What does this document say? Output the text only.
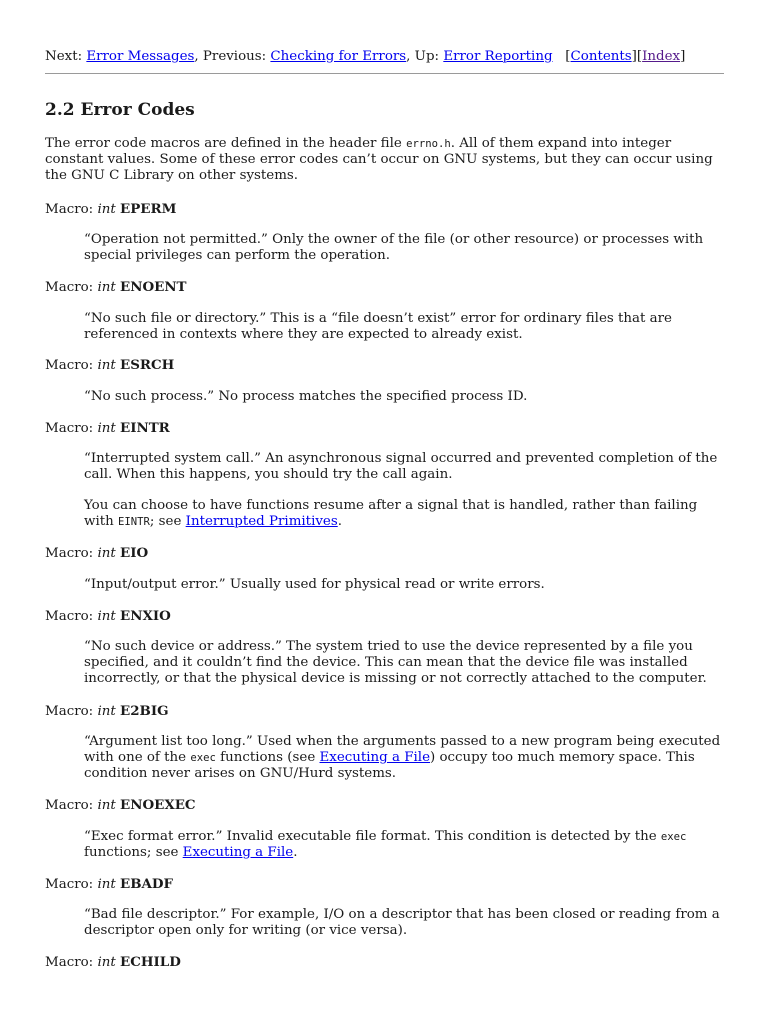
Next: Error Messages, Previous: Checking for Errors, Up: Error Reporting [Contents][Index]
2.2 Error Codes

The error code macros are defined in the header file errno.h. All of them expand into integer constant values. Some of these error codes can’t occur on GNU systems, but they can occur using the GNU C Library on other systems.

Macro: int EPERM

“Operation not permitted.” Only the owner of the file (or other resource) or processes with special privileges can perform the operation.

Macro: int ENOENT

“No such file or directory.” This is a “file doesn’t exist” error for ordinary files that are referenced in contexts where they are expected to already exist.

Macro: int ESRCH

“No such process.” No process matches the specified process ID.

Macro: int EINTR

“Interrupted system call.” An asynchronous signal occurred and prevented completion of the call. When this happens, you should try the call again.

You can choose to have functions resume after a signal that is handled, rather than failing with EINTR; see Interrupted Primitives.

Macro: int EIO

“Input/output error.” Usually used for physical read or write errors.

Macro: int ENXIO

“No such device or address.” The system tried to use the device represented by a file you specified, and it couldn’t find the device. This can mean that the device file was installed incorrectly, or that the physical device is missing or not correctly attached to the computer.

Macro: int E2BIG

“Argument list too long.” Used when the arguments passed to a new program being executed with one of the exec functions (see Executing a File) occupy too much memory space. This condition never arises on GNU/Hurd systems.

Macro: int ENOEXEC

“Exec format error.” Invalid executable file format. This condition is detected by the exec functions; see Executing a File.

Macro: int EBADF

“Bad file descriptor.” For example, I/O on a descriptor that has been closed or reading from a descriptor open only for writing (or vice versa).

Macro: int ECHILD
